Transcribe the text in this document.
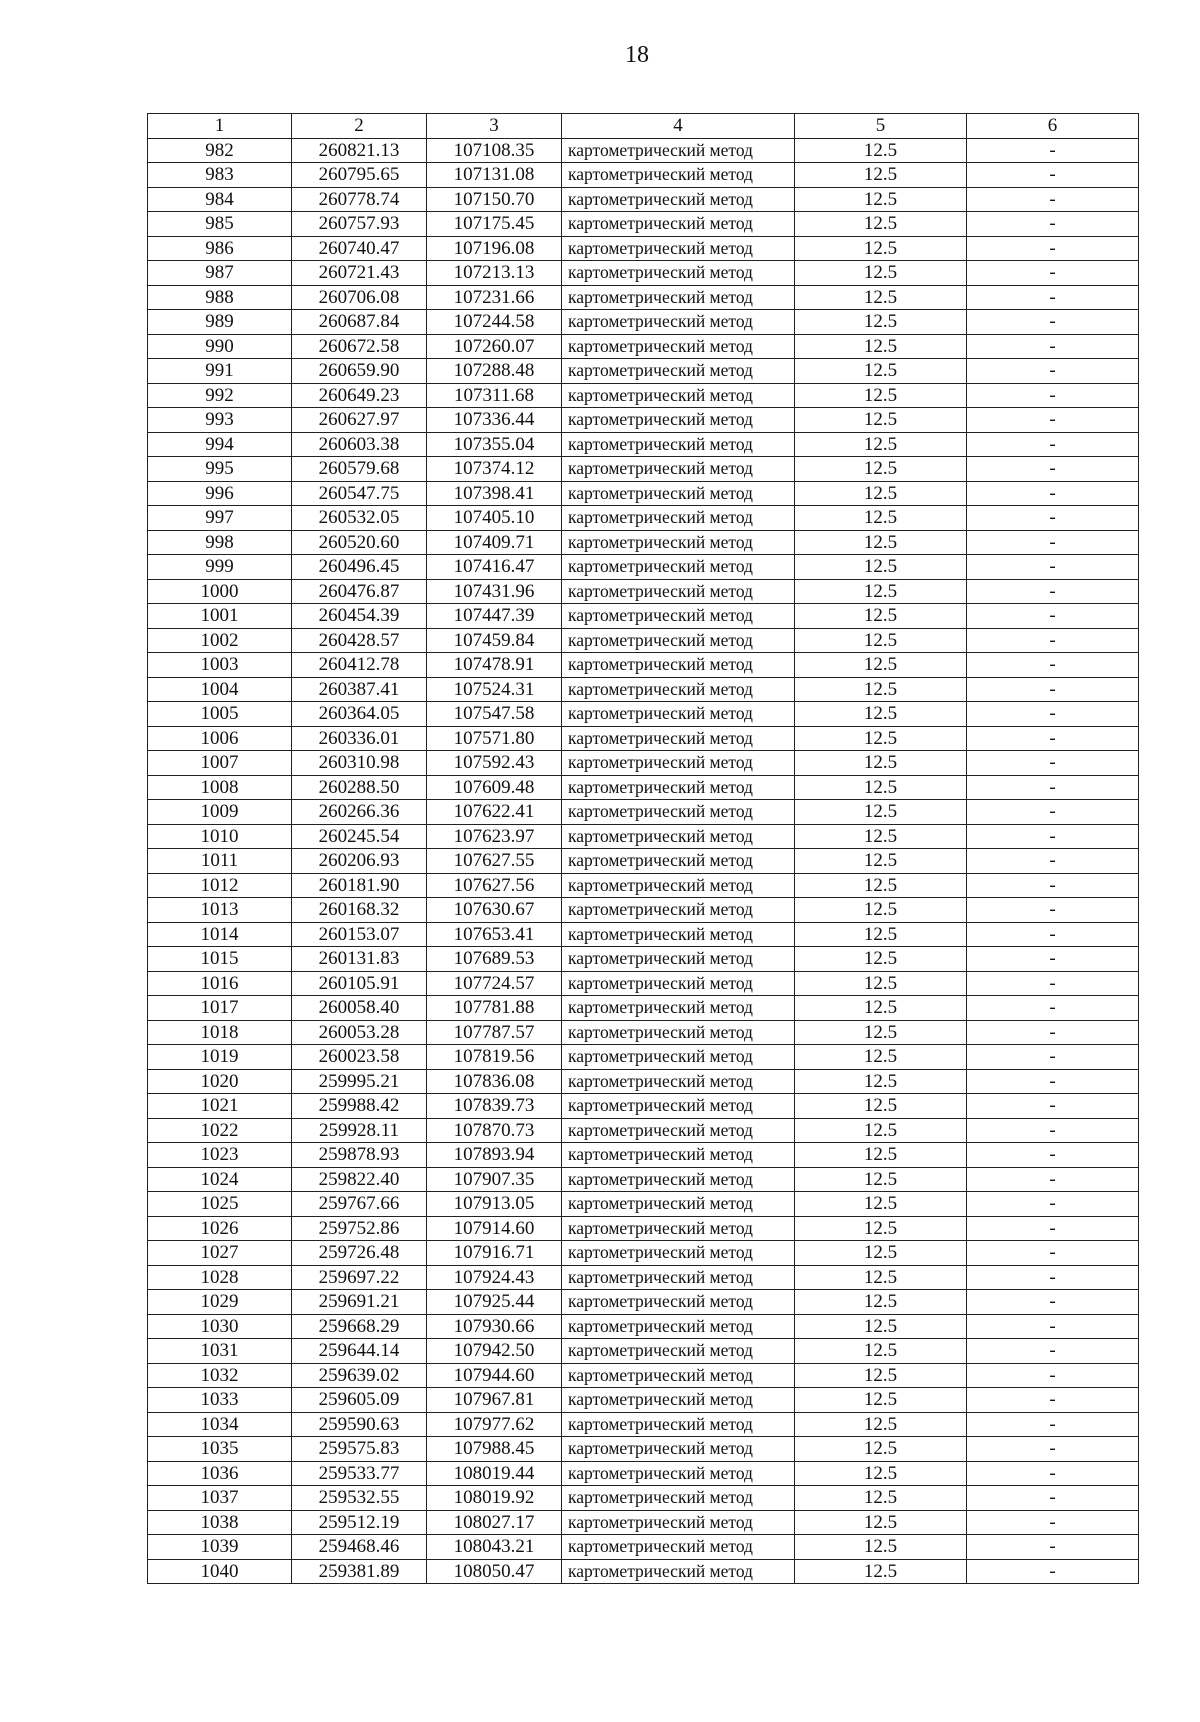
18
1	2	3	4	5	6
982	260821.13	107108.35	картометрический метод	12.5	-
983	260795.65	107131.08	картометрический метод	12.5	-
984	260778.74	107150.70	картометрический метод	12.5	-
985	260757.93	107175.45	картометрический метод	12.5	-
986	260740.47	107196.08	картометрический метод	12.5	-
987	260721.43	107213.13	картометрический метод	12.5	-
988	260706.08	107231.66	картометрический метод	12.5	-
989	260687.84	107244.58	картометрический метод	12.5	-
990	260672.58	107260.07	картометрический метод	12.5	-
991	260659.90	107288.48	картометрический метод	12.5	-
992	260649.23	107311.68	картометрический метод	12.5	-
993	260627.97	107336.44	картометрический метод	12.5	-
994	260603.38	107355.04	картометрический метод	12.5	-
995	260579.68	107374.12	картометрический метод	12.5	-
996	260547.75	107398.41	картометрический метод	12.5	-
997	260532.05	107405.10	картометрический метод	12.5	-
998	260520.60	107409.71	картометрический метод	12.5	-
999	260496.45	107416.47	картометрический метод	12.5	-
1000	260476.87	107431.96	картометрический метод	12.5	-
1001	260454.39	107447.39	картометрический метод	12.5	-
1002	260428.57	107459.84	картометрический метод	12.5	-
1003	260412.78	107478.91	картометрический метод	12.5	-
1004	260387.41	107524.31	картометрический метод	12.5	-
1005	260364.05	107547.58	картометрический метод	12.5	-
1006	260336.01	107571.80	картометрический метод	12.5	-
1007	260310.98	107592.43	картометрический метод	12.5	-
1008	260288.50	107609.48	картометрический метод	12.5	-
1009	260266.36	107622.41	картометрический метод	12.5	-
1010	260245.54	107623.97	картометрический метод	12.5	-
1011	260206.93	107627.55	картометрический метод	12.5	-
1012	260181.90	107627.56	картометрический метод	12.5	-
1013	260168.32	107630.67	картометрический метод	12.5	-
1014	260153.07	107653.41	картометрический метод	12.5	-
1015	260131.83	107689.53	картометрический метод	12.5	-
1016	260105.91	107724.57	картометрический метод	12.5	-
1017	260058.40	107781.88	картометрический метод	12.5	-
1018	260053.28	107787.57	картометрический метод	12.5	-
1019	260023.58	107819.56	картометрический метод	12.5	-
1020	259995.21	107836.08	картометрический метод	12.5	-
1021	259988.42	107839.73	картометрический метод	12.5	-
1022	259928.11	107870.73	картометрический метод	12.5	-
1023	259878.93	107893.94	картометрический метод	12.5	-
1024	259822.40	107907.35	картометрический метод	12.5	-
1025	259767.66	107913.05	картометрический метод	12.5	-
1026	259752.86	107914.60	картометрический метод	12.5	-
1027	259726.48	107916.71	картометрический метод	12.5	-
1028	259697.22	107924.43	картометрический метод	12.5	-
1029	259691.21	107925.44	картометрический метод	12.5	-
1030	259668.29	107930.66	картометрический метод	12.5	-
1031	259644.14	107942.50	картометрический метод	12.5	-
1032	259639.02	107944.60	картометрический метод	12.5	-
1033	259605.09	107967.81	картометрический метод	12.5	-
1034	259590.63	107977.62	картометрический метод	12.5	-
1035	259575.83	107988.45	картометрический метод	12.5	-
1036	259533.77	108019.44	картометрический метод	12.5	-
1037	259532.55	108019.92	картометрический метод	12.5	-
1038	259512.19	108027.17	картометрический метод	12.5	-
1039	259468.46	108043.21	картометрический метод	12.5	-
1040	259381.89	108050.47	картометрический метод	12.5	-
